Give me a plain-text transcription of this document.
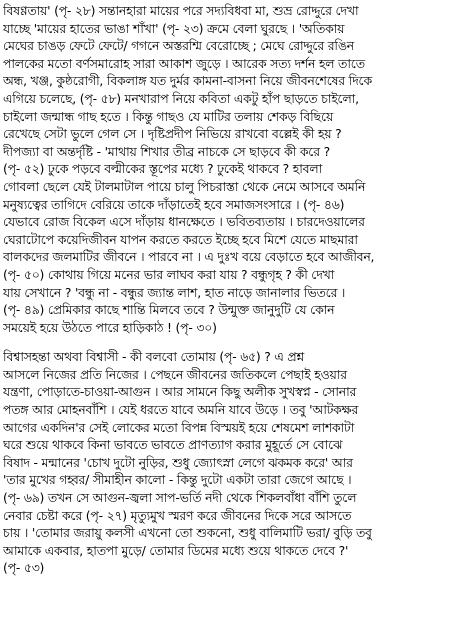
বিষণ্ণতায়' (পৃ- ২৮) সন্তানহারা মায়ের পরে সদ্যবিধবা মা, শুভ্র রোদ্দুরে দেখা
যাচ্ছে 'মায়ের হাতের ভাঙা শাঁখা' (পৃ- ২৩) ক্রমে বেলা ঘুরছে । 'অতিকায়
মেঘের চাঙড় ফেটে ফেটে/ গগনে অস্তরশ্মি বেরোচ্ছে ; মেঘে রোদ্দুরে রঙিন
পালকের মতো বর্ণসমারোহ সারা আকাশ জুড়ে । আরেক সত্য দর্শন হল তাতে
অন্ধ, খঞ্জ, কুষ্ঠরোগী, বিকলাঙ্গ যত দুর্মর কামনা-বাসনা নিয়ে জীবনশেষের দিকে
এগিয়ে চলেছে, (পৃ- ৫৮) মনখারাপ নিয়ে কবিতা একটু হাঁপ ছাড়তে চাইলো,
চাইলো জন্মান্ধ গাছ হতে । কিন্তু গাছও যে মাটির তলায় শেকড় বিছিয়ে
রেখেছে সেটা ভুলে গেল সে । দৃষ্টিপ্রদীপ নিভিয়ে রাখবো বল্লেই কী হয় ?
দীপজ্যা বা অন্তর্দৃষ্টি - 'মাথায় শিখার তীব্র নাচকে সে ছাড়বে কী করে ?
(পৃ- ৫২) ঢুকে পড়বে বল্মীকের স্তূপের মধ্যে ? ঢুকেই থাকবে ? হাবলা
গোবলা ছেলে যেই টালমাটাল পায়ে চালু পিচরাস্তা থেকে নেমে আসবে অমনি
মনুষ্যত্বের তাগিদে বেরিয়ে তাকে দাঁড়াতেই হবে সমাজসংসারে । (পৃ- ৪৬)
যেভাবে রোজ বিকেল এসে দাঁড়ায় ধানক্ষেতে । ভবিতব্যতায় । চারদেওয়ালের
ঘেরাটোপে কয়েদিজীবন যাপন করতে করতে ইচ্ছে হবে মিশে যেতে মাছমারা
বালকদের জলমাটির জীবনে । পারবে না । এ দুঃখ বয়ে বেড়াতে হবে আজীবন,
(পৃ- ৫০) কোথায় গিয়ে মনের ভার লাঘব করা যায় ? বন্ধুগৃহ ? কী দেখা
যায় সেখানে ? 'বন্ধু না - বন্ধুর জ্যান্ত লাশ, হাত নাড়ে জানালার ভিতরে ।
(পৃ- ৪৯) প্রেমিকার কাছে শান্তি মিলবে তবে ? উন্মুক্ত জানুদুটি যে কোন
সময়েই হয়ে উঠতে পারে হাড়িকাঠ ! (পৃ- ৩০)
বিশ্বাসহন্তা অথবা বিশ্বাসী - কী বলবো তোমায় (পৃ- ৬৫) ? এ প্রশ্ন
আসলে নিজের প্রতি নিজের । পেছনে জীবনের জতিকলে পেছাই হওয়ার
যন্ত্রণা, পোড়াতে-চাওয়া-আগুন । আর সামনে কিছু অলীক সুখস্বপ্ন - সোনার
পতঙ্গ আর মোহনবাঁশি । যেই ধরতে যাবে অমনি যাবে উড়ে । তবু 'আটকক্ষর
আগের একদিন'র সেই লোকের মতো বিপন্ন বিস্ময়ই হয়ে শেষমেশ লাশকাটা
ঘরে শুয়ে থাকবে কিনা ভাবতে ভাবতে প্রাণত্যাগ করার মুহূর্তে সে বোঝে
বিষাদ - মন্মানের 'চোখ দুটো নুড়ির, শুধু জ্যোৎস্না লেগে ঝকমক করে' আর
'তার মুখের গহ্বর/ সীমাহীন কালো - কিন্তু দুটো একটা তারা জেগে আছে ।
(পৃ- ৬৯) তখন সে আগুন-জ্বলা সাপ-ভর্তি নদী থেকে শিকলবাঁধা বাঁশি তুলে
নেবার চেষ্টা করে (পৃ- ২৭) মৃত্যুমুখ স্মরণ করে জীবনের দিকে সরে আসতে
চায় । 'তোমার জরায়ু কলসী এখনো তো শুকনো, শুধু বালিমাটি ভরা/ বুড়ি তবু
আমাকে একবার, হাতপা মুড়ে/ তোমার ডিমের মধ্যে শুয়ে থাকতে দেবে ?'
(পৃ- ৫৩)
